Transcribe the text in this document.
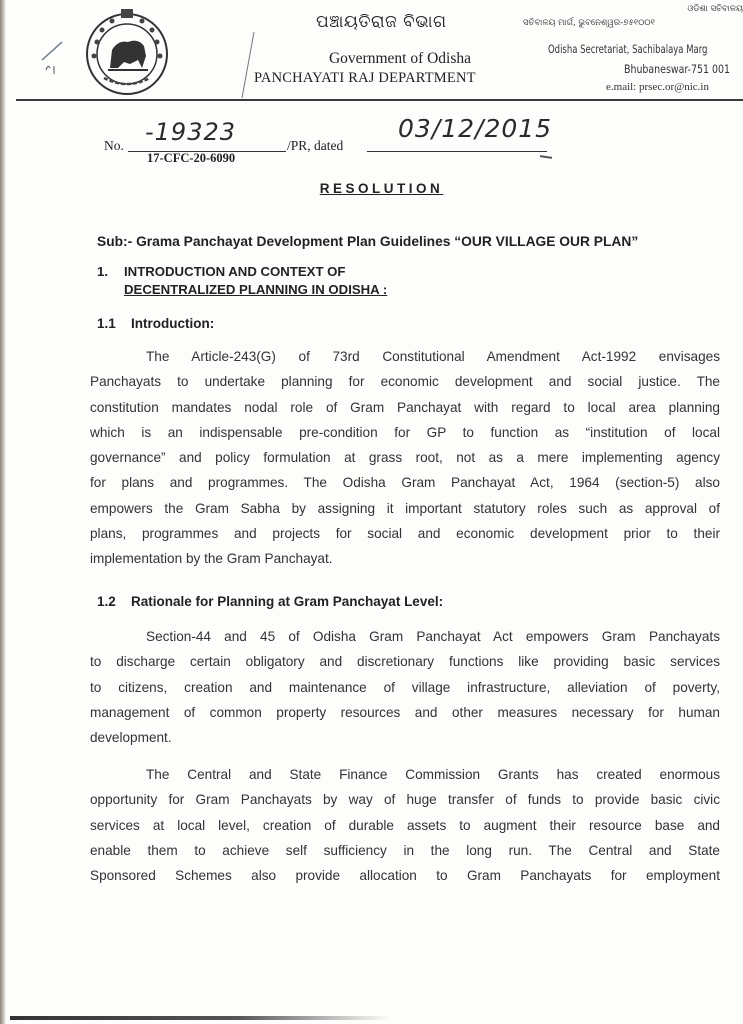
ପଞ୍ଚାୟତିରାଜ ବିଭାଗ
Government of Odisha
PANCHAYATI RAJ DEPARTMENT
ଓଡିଶା ସଚିବାଳୟ
ସଚିବାଳୟ ମାର୍ଗ, ଭୁବନେଶ୍ୱର-୭୫୧୦୦୧
Odisha Secretariat, Sachibalaya Marg
Bhubaneswar-751 001
e.mail: prsec.or@nic.in
No. -19323
17-CFC-20-6090
/PR, dated
03/12/2015
RESOLUTION
Sub:- Grama Panchayat Development Plan Guidelines “OUR VILLAGE OUR PLAN”
1. INTRODUCTION AND CONTEXT OF
DECENTRALIZED PLANNING IN ODISHA :
1.1 Introduction:
The Article-243(G) of 73rd Constitutional Amendment Act-1992 envisages
Panchayats to undertake planning for economic development and social justice. The
constitution mandates nodal role of Gram Panchayat with regard to local area planning
which is an indispensable pre-condition for GP to function as “institution of local
governance” and policy formulation at grass root, not as a mere implementing agency
for plans and programmes. The Odisha Gram Panchayat Act, 1964 (section-5) also
empowers the Gram Sabha by assigning it important statutory roles such as approval of
plans, programmes and projects for social and economic development prior to their
implementation by the Gram Panchayat.
1.2 Rationale for Planning at Gram Panchayat Level:
Section-44 and 45 of Odisha Gram Panchayat Act empowers Gram Panchayats
to discharge certain obligatory and discretionary functions like providing basic services
to citizens, creation and maintenance of village infrastructure, alleviation of poverty,
management of common property resources and other measures necessary for human
development.
The Central and State Finance Commission Grants has created enormous
opportunity for Gram Panchayats by way of huge transfer of funds to provide basic civic
services at local level, creation of durable assets to augment their resource base and
enable them to achieve self sufficiency in the long run. The Central and State
Sponsored Schemes also provide allocation to Gram Panchayats for employment
